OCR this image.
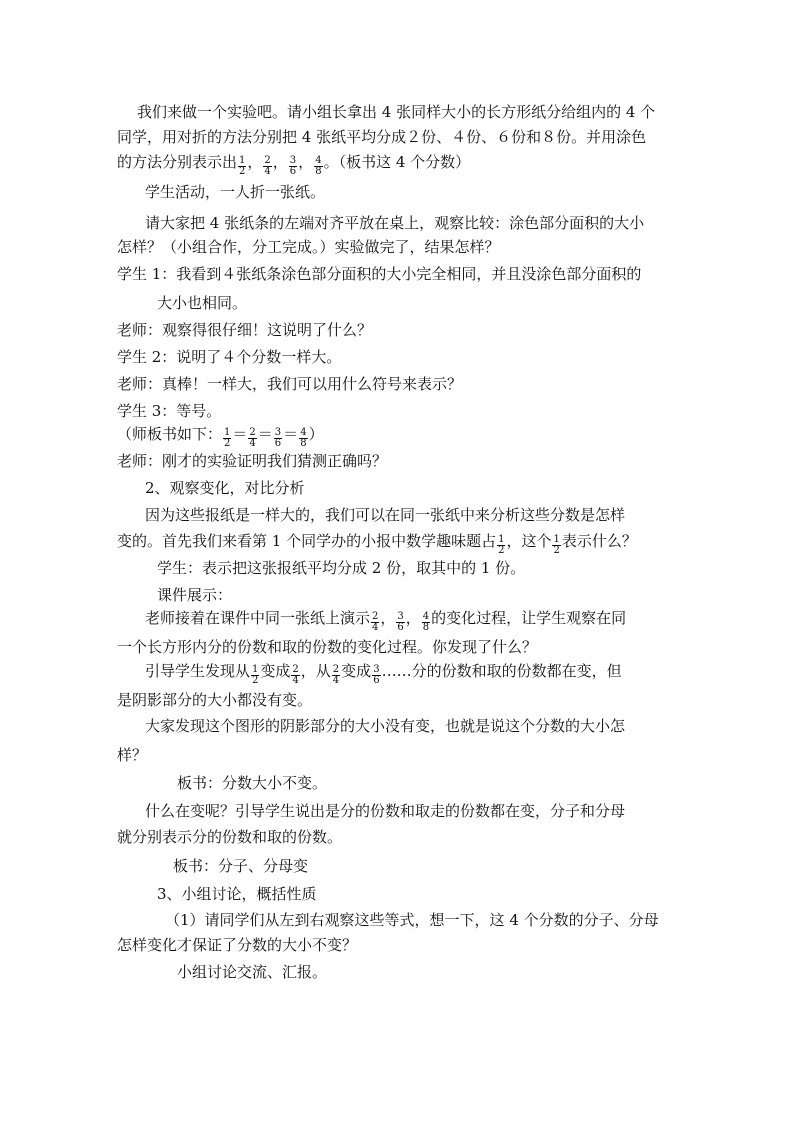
我们来做一个实验吧。请小组长拿出 4 张同样大小的长方形纸分给组内的 4 个
同学，用对折的方法分别把 4 张纸平均分成２份、４份、６份和８份。并用涂色
的方法分别表示出 $\frac{1}{2}$ ， $\frac{2}{4}$ ， $\frac{3}{6}$ ， $\frac{4}{8}$ 。（板书这 4 个分数）
学生活动，一人折一张纸。
请大家把 4 张纸条的左端对齐平放在桌上，观察比较：涂色部分面积的大小
怎样？（小组合作，分工完成。）实验做完了，结果怎样？
学生 1：我看到４张纸条涂色部分面积的大小完全相同，并且没涂色部分面积的
大小也相同。
老师：观察得很仔细！这说明了什么？
学生 2：说明了４个分数一样大。
老师：真棒！一样大，我们可以用什么符号来表示？
学生 3：等号。
（师板书如下： $\frac{1}{2} = \frac{2}{4} = \frac{3}{6} = \frac{4}{8}$ ）
老师：刚才的实验证明我们猜测正确吗？
2、观察变化，对比分析
因为这些报纸是一样大的，我们可以在同一张纸中来分析这些分数是怎样
变的。首先我们来看第 1 个同学办的小报中数学趣味题占 $\frac{1}{2}$ ，这个 $\frac{1}{2}$ 表示什么？
学生：表示把这张报纸平均分成 2 份，取其中的 1 份。
课件展示：
老师接着在课件中同一张纸上演示 $\frac{2}{4}$ ， $\frac{3}{6}$ ， $\frac{4}{8}$ 的变化过程，让学生观察在同
一个长方形内分的份数和取的份数的变化过程。你发现了什么？
引导学生发现从 $\frac{1}{2}$ 变成 $\frac{2}{4}$ ，从 $\frac{2}{4}$ 变成 $\frac{3}{6}$ ……分的份数和取的份数都在变，但
是阴影部分的大小都没有变。
大家发现这个图形的阴影部分的大小没有变，也就是说这个分数的大小怎
样？
板书：分数大小不变。
什么在变呢？引导学生说出是分的份数和取走的份数都在变，分子和分母
就分别表示分的份数和取的份数。
板书：分子、分母变
3、小组讨论，概括性质
（1）请同学们从左到右观察这些等式，想一下，这 4 个分数的分子、分母
怎样变化才保证了分数的大小不变？
小组讨论交流、汇报。
